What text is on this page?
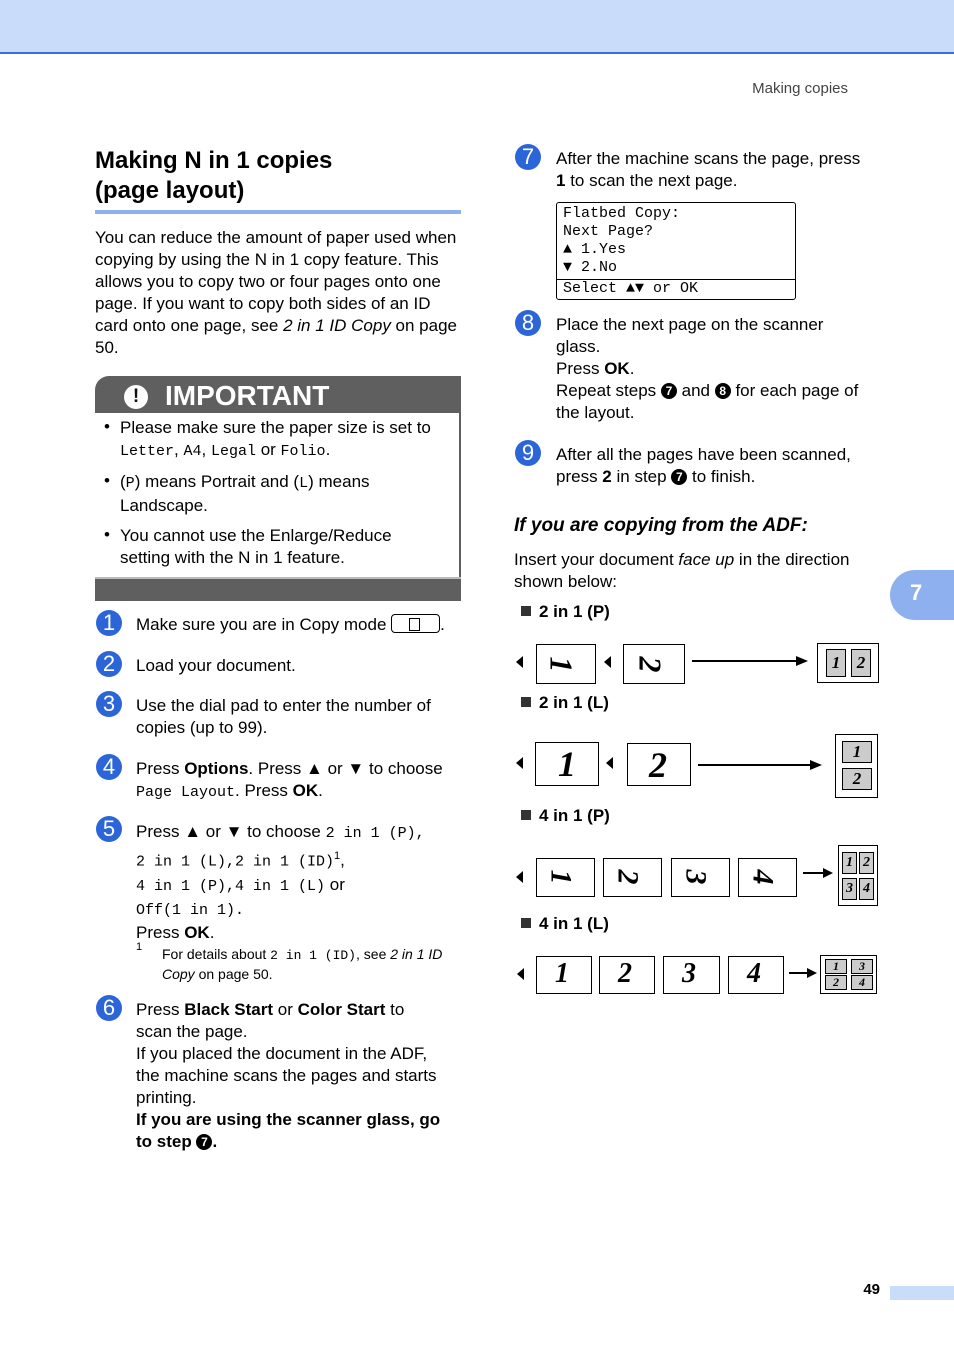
Making copies
Making N in 1 copies
(page layout)
You can reduce the amount of paper used when copying by using the N in 1 copy feature. This allows you to copy two or four pages onto one page. If you want to copy both sides of an ID card onto one page, see 2 in 1 ID Copy on page 50.
! IMPORTANT
• Please make sure the paper size is set to
Letter, A4, Legal or Folio.
• (P) means Portrait and (L) means
Landscape.
• You cannot use the Enlarge/Reduce
setting with the N in 1 feature.
1	Make sure you are in Copy mode	.
2	Load your document.
3	Use the dial pad to enter the number of
copies (up to 99).
4	Press Options. Press ▲ or ▼ to choose
Page Layout. Press OK.
5	Press ▲ or ▼ to choose 2 in 1 (P),
2 in 1 (L),2 in 1 (ID)$^1$,
4 in 1 (P),4 in 1 (L) or
Off(1 in 1).
Press OK.
1 For details about 2 in 1 (ID), see 2 in 1 ID
Copy on page 50.
6	Press Black Start or Color Start to
scan the page.
If you placed the document in the ADF,
the machine scans the pages and starts
printing.
If you are using the scanner glass, go
to step 7 .
7	After the machine scans the page, press
1 to scan the next page.
Flatbed Copy:
Next Page?
▲ 1.Yes
▼ 2.No
Select ▲▼ or OK
8	Place the next page on the scanner
glass.
Press OK.
Repeat steps 7 and 8 for each page of
the layout.
9	After all the pages have been scanned,
press 2 in step 7 to finish.
If you are copying from the ADF:
Insert your document face up in the direction
shown below:
2 in 1 (P)
2 in 1 (L)
4 in 1 (P)
4 in 1 (L)
1 2	1 2
1 2	1
2
1 2 3 4
1 2
3 4
1 2 3 4	1	3
2	4
7
49
